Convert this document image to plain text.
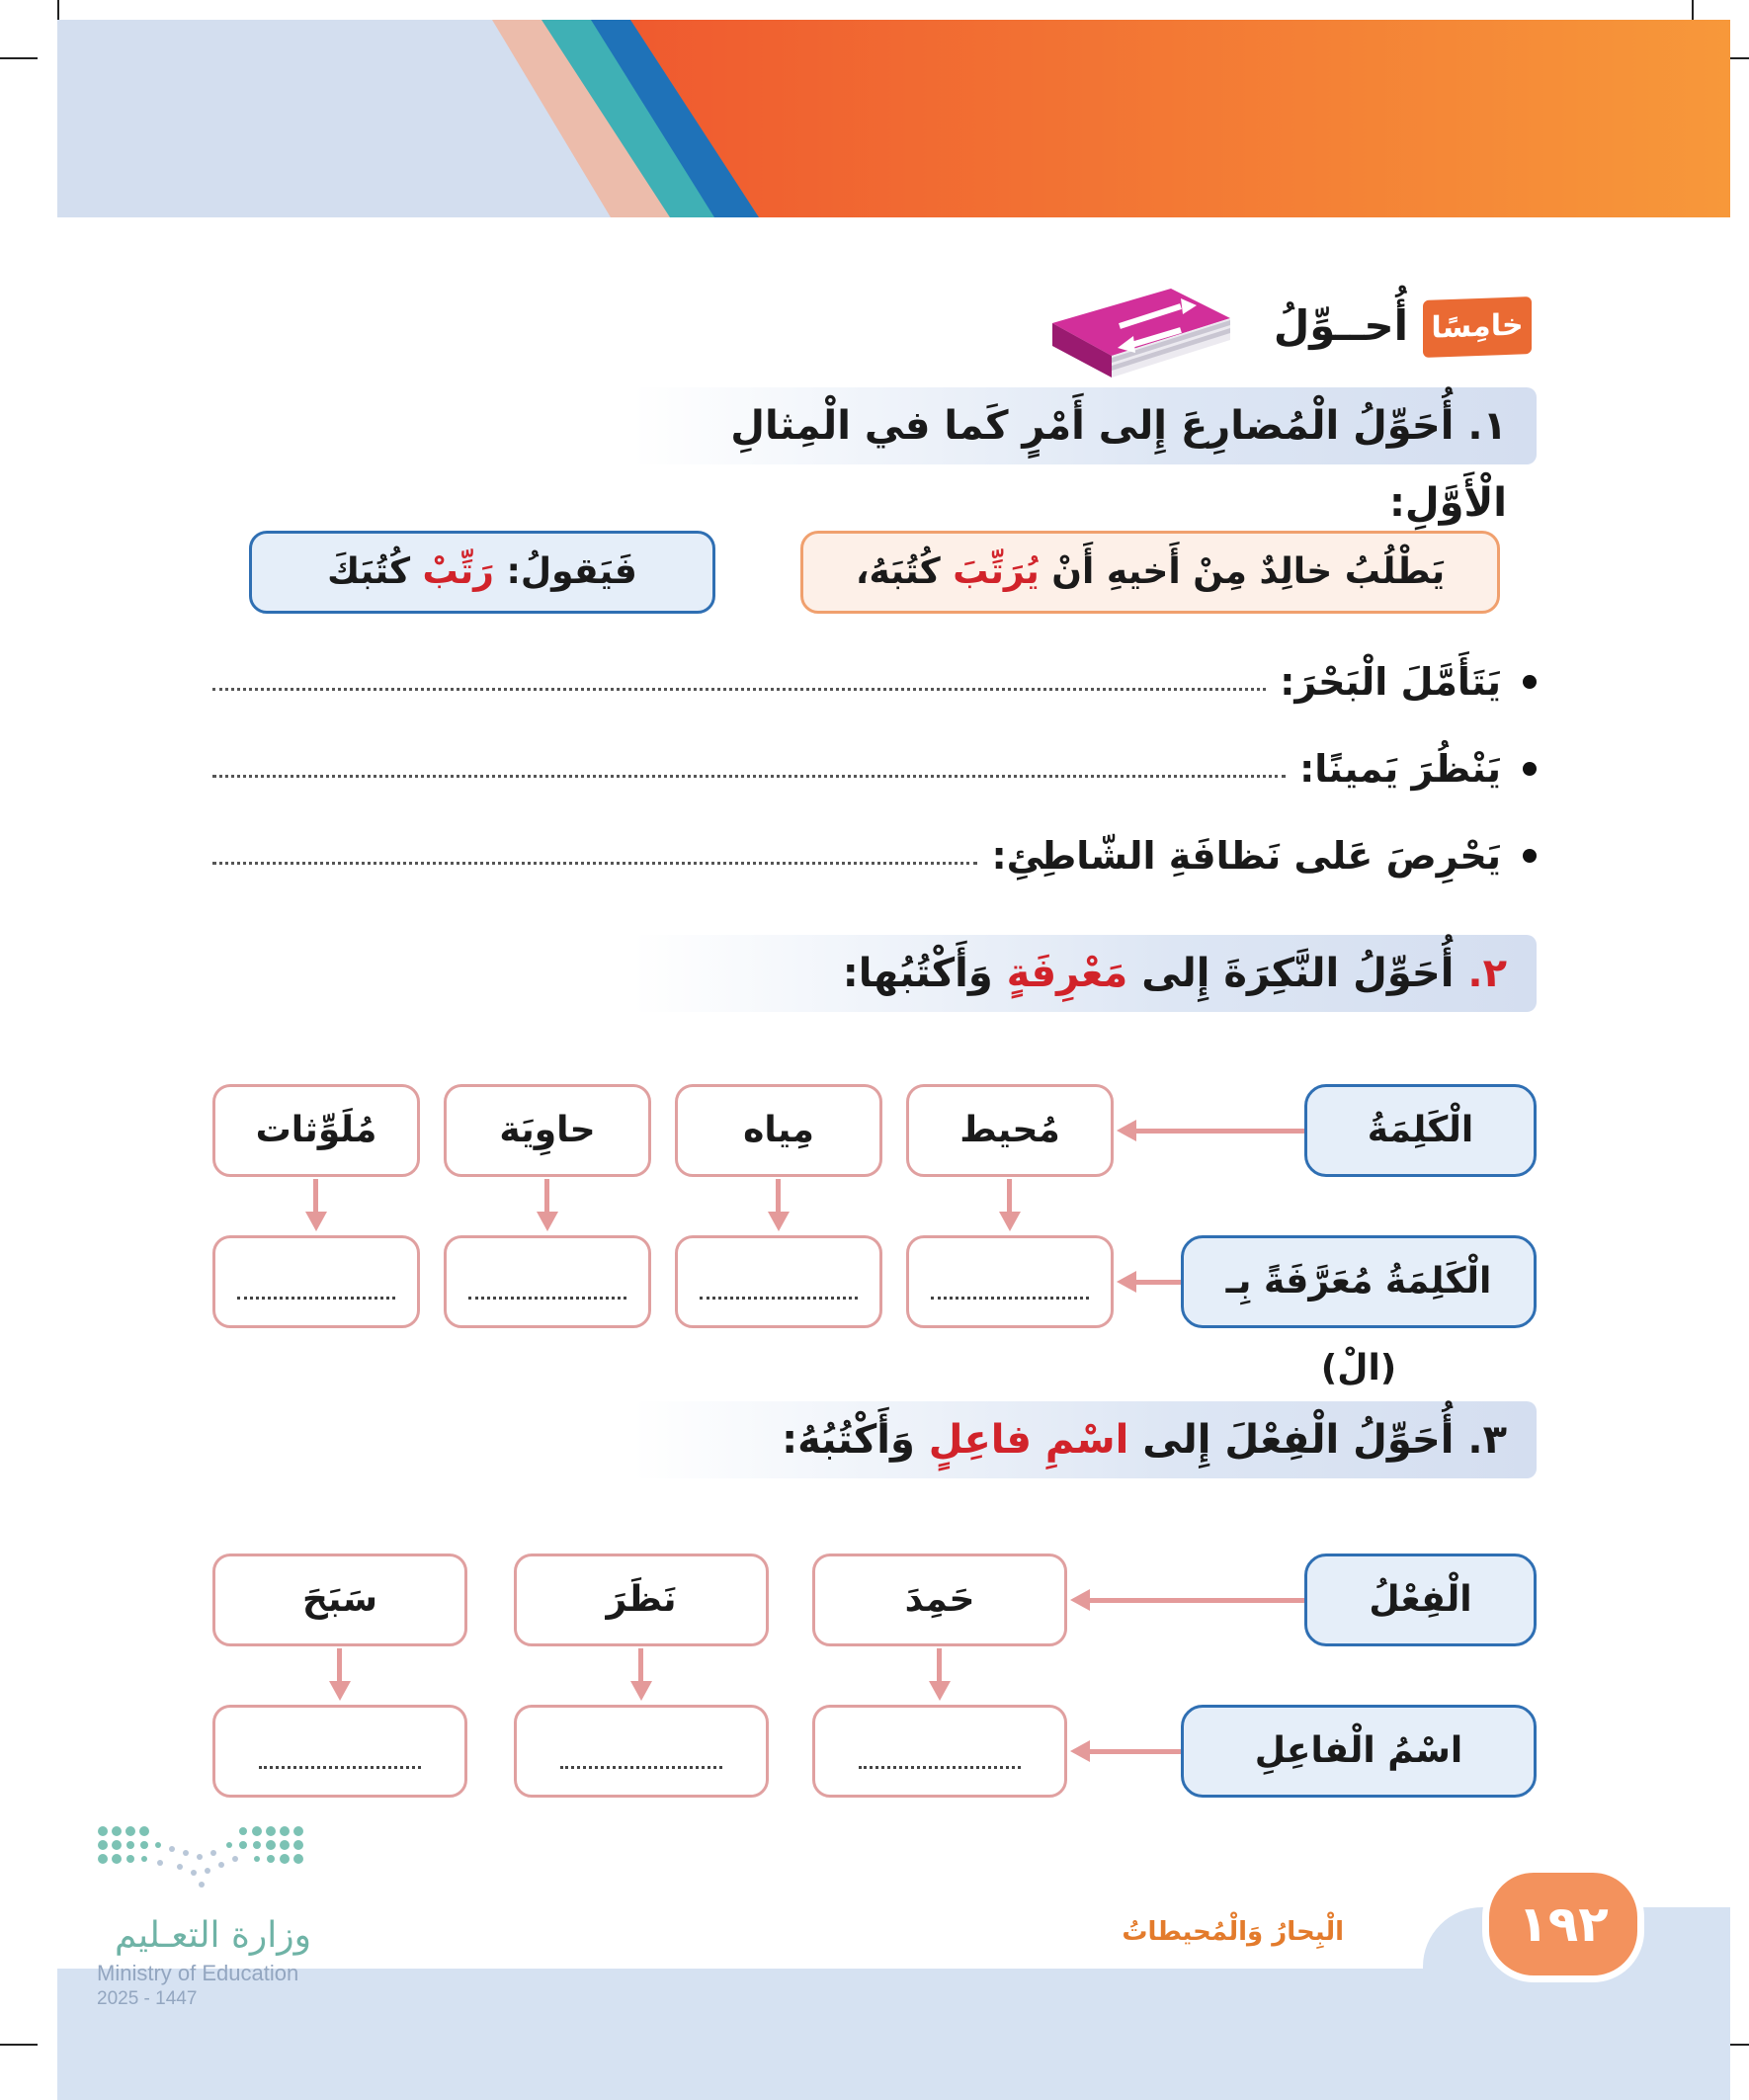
خامِسًا
أُحــوِّلُ
١. أُحَوِّلُ الْمُضارِعَ إِلى أَمْرٍ كَما في الْمِثالِ الْأَوَّلِ:
يَطْلُبُ خالِدٌ مِنْ أَخيهِ أَنْ يُرَتِّبَ كُتُبَهُ،
فَيَقولُ: رَتِّبْ كُتُبَكَ
يَتَأَمَّلَ الْبَحْرَ:
يَنْظُرَ يَمينًا:
يَحْرِصَ عَلى نَظافَةِ الشّاطِئِ:
٢. أُحَوِّلُ النَّكِرَةَ إِلى مَعْرِفَةٍ وَأَكْتُبُها:
الْكَلِمَةُ
الْكَلِمَةُ مُعَرَّفَةً بِـ (الْ)
مُحيط
مِياه
حاوِيَة
مُلَوِّثات
٣. أُحَوِّلُ الْفِعْلَ إِلى اسْمِ فاعِلٍ وَأَكْتُبُهُ:
الْفِعْلُ
اسْمُ الْفاعِلِ
حَمِدَ
نَظَرَ
سَبَحَ
١٩٢
الْبِحارُ وَالْمُحيطاتُ
وزارة التعـليم
Ministry of Education
2025 - 1447
